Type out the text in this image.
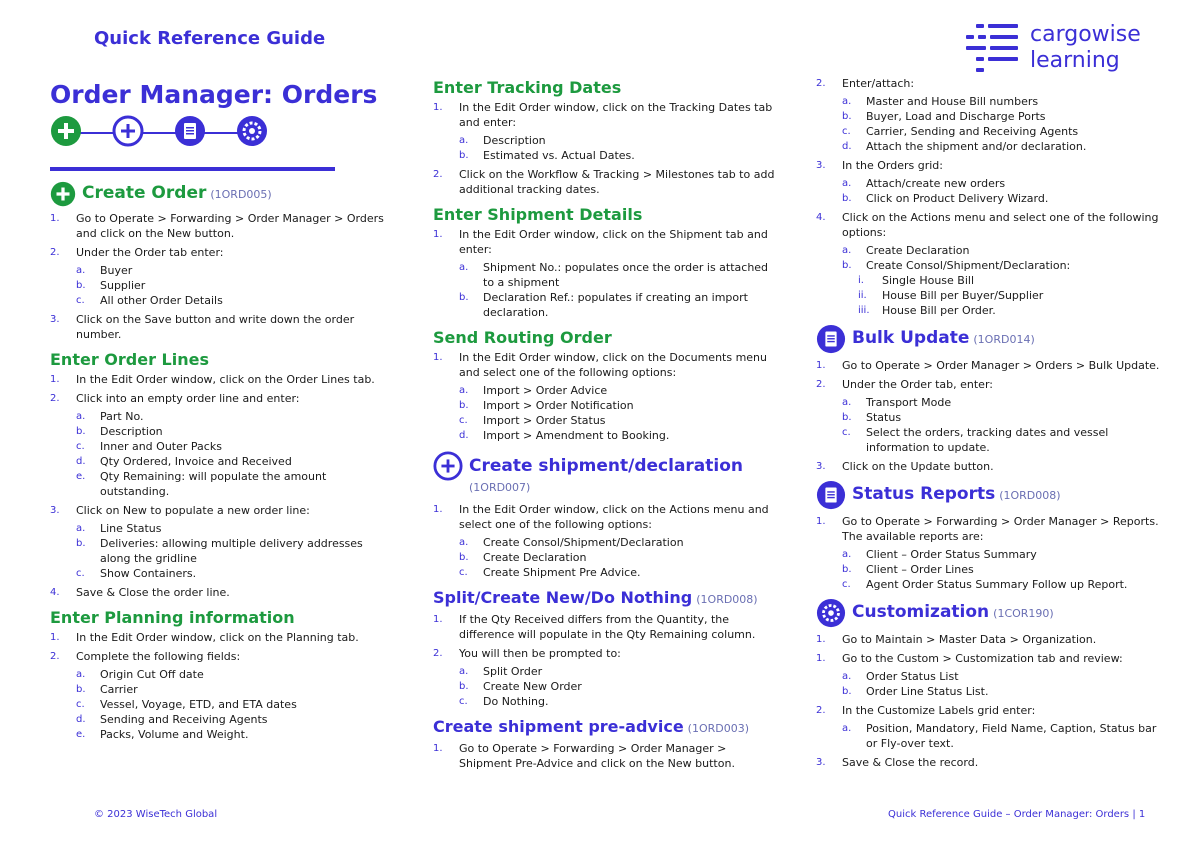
Quick Reference Guide	cargowise
learning
Order Manager: Orders
Create Order (1ORD005)
1. Go to Operate > Forwarding > Order Manager > Orders and click on the New button.
2. Under the Order tab enter:
a. Buyer
b. Supplier
c. All other Order Details
3. Click on the Save button and write down the order number.
Enter Order Lines
1. In the Edit Order window, click on the Order Lines tab.
2. Click into an empty order line and enter:
a. Part No.
b. Description
c. Inner and Outer Packs
d. Qty Ordered, Invoice and Received
e. Qty Remaining: will populate the amount outstanding.
3. Click on New to populate a new order line:
a. Line Status
b. Deliveries: allowing multiple delivery addresses along the gridline
c. Show Containers.
4. Save & Close the order line.
Enter Planning information
1. In the Edit Order window, click on the Planning tab.
2. Complete the following fields:
a. Origin Cut Off date
b. Carrier
c. Vessel, Voyage, ETD, and ETA dates
d. Sending and Receiving Agents
e. Packs, Volume and Weight.
Enter Tracking Dates
1. In the Edit Order window, click on the Tracking Dates tab and enter:
a. Description
b. Estimated vs. Actual Dates.
2. Click on the Workflow & Tracking > Milestones tab to add additional tracking dates.
Enter Shipment Details
1. In the Edit Order window, click on the Shipment tab and enter:
a. Shipment No.: populates once the order is attached to a shipment
b. Declaration Ref.: populates if creating an import declaration.
Send Routing Order
1. In the Edit Order window, click on the Documents menu and select one of the following options:
a. Import > Order Advice
b. Import > Order Notification
c. Import > Order Status
d. Import > Amendment to Booking.
Create shipment/declaration
(1ORD007)
1. In the Edit Order window, click on the Actions menu and select one of the following options:
a. Create Consol/Shipment/Declaration
b. Create Declaration
c. Create Shipment Pre Advice.
Split/Create New/Do Nothing (1ORD008)
1. If the Qty Received differs from the Quantity, the difference will populate in the Qty Remaining column.
2. You will then be prompted to:
a. Split Order
b. Create New Order
c. Do Nothing.
Create shipment pre-advice (1ORD003)
1. Go to Operate > Forwarding > Order Manager > Shipment Pre-Advice and click on the New button.
2. Enter/attach:
a. Master and House Bill numbers
b. Buyer, Load and Discharge Ports
c. Carrier, Sending and Receiving Agents
d. Attach the shipment and/or declaration.
3. In the Orders grid:
a. Attach/create new orders
b. Click on Product Delivery Wizard.
4. Click on the Actions menu and select one of the following options:
a. Create Declaration
b. Create Consol/Shipment/Declaration:
i. Single House Bill
ii. House Bill per Buyer/Supplier
iii. House Bill per Order.
Bulk Update (1ORD014)
1. Go to Operate > Order Manager > Orders > Bulk Update.
2. Under the Order tab, enter:
a. Transport Mode
b. Status
c. Select the orders, tracking dates and vessel information to update.
3. Click on the Update button.
Status Reports (1ORD008)
1. Go to Operate > Forwarding > Order Manager > Reports. The available reports are:
a. Client – Order Status Summary
b. Client – Order Lines
c. Agent Order Status Summary Follow up Report.
Customization (1COR190)
1. Go to Maintain > Master Data > Organization.
1. Go to the Custom > Customization tab and review:
a. Order Status List
b. Order Line Status List.
2. In the Customize Labels grid enter:
a. Position, Mandatory, Field Name, Caption, Status bar or Fly-over text.
3. Save & Close the record.
© 2023 WiseTech Global	Quick Reference Guide – Order Manager: Orders | 1
